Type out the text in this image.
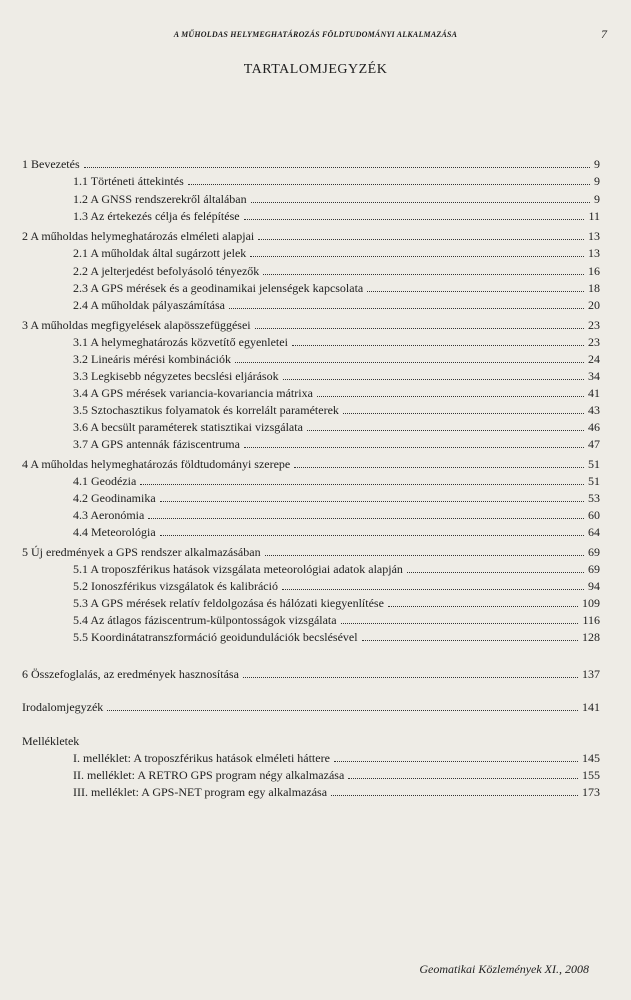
A MŰHOLDAS HELYMEGHATÁROZÁS FÖLDTUDOMÁNYI ALKALMAZÁSA	7
TARTALOMJEGYZÉK
1 Bevezetés	9
1.1 Történeti áttekintés	9
1.2 A GNSS rendszerekről általában	9
1.3 Az értekezés célja és felépítése	11
2 A műholdas helymeghatározás elméleti alapjai	13
2.1 A műholdak által sugárzott jelek	13
2.2 A jelterjedést befolyásoló tényezők	16
2.3 A GPS mérések és a geodinamikai jelenségek kapcsolata	18
2.4 A műholdak pályaszámítása	20
3 A műholdas megfigyelések alapösszefüggései	23
3.1 A helymeghatározás közvetítő egyenletei	23
3.2 Lineáris mérési kombinációk	24
3.3 Legkisebb négyzetes becslési eljárások	34
3.4 A GPS mérések variancia-kovariancia mátrixa	41
3.5 Sztochasztikus folyamatok és korrelált paraméterek	43
3.6 A becsült paraméterek statisztikai vizsgálata	46
3.7 A GPS antennák fáziscentruma	47
4 A műholdas helymeghatározás földtudományi szerepe	51
4.1 Geodézia	51
4.2 Geodinamika	53
4.3 Aeronómia	60
4.4 Meteorológia	64
5 Új eredmények a GPS rendszer alkalmazásában	69
5.1 A troposzférikus hatások vizsgálata meteorológiai adatok alapján	69
5.2 Ionoszférikus vizsgálatok és kalibráció	94
5.3 A GPS mérések relatív feldolgozása és hálózati kiegyenlítése	109
5.4 Az átlagos fáziscentrum-külpontosságok vizsgálata	116
5.5 Koordinátatranszformáció geoidundulációk becslésével	128
6 Összefoglalás, az eredmények hasznosítása	137
Irodalomjegyzék	141
Mellékletek
I. melléklet: A troposzférikus hatások elméleti háttere	145
II. melléklet: A RETRO GPS program négy alkalmazása	155
III. melléklet: A GPS-NET program egy alkalmazása	173
Geomatikai Közlemények XI., 2008
